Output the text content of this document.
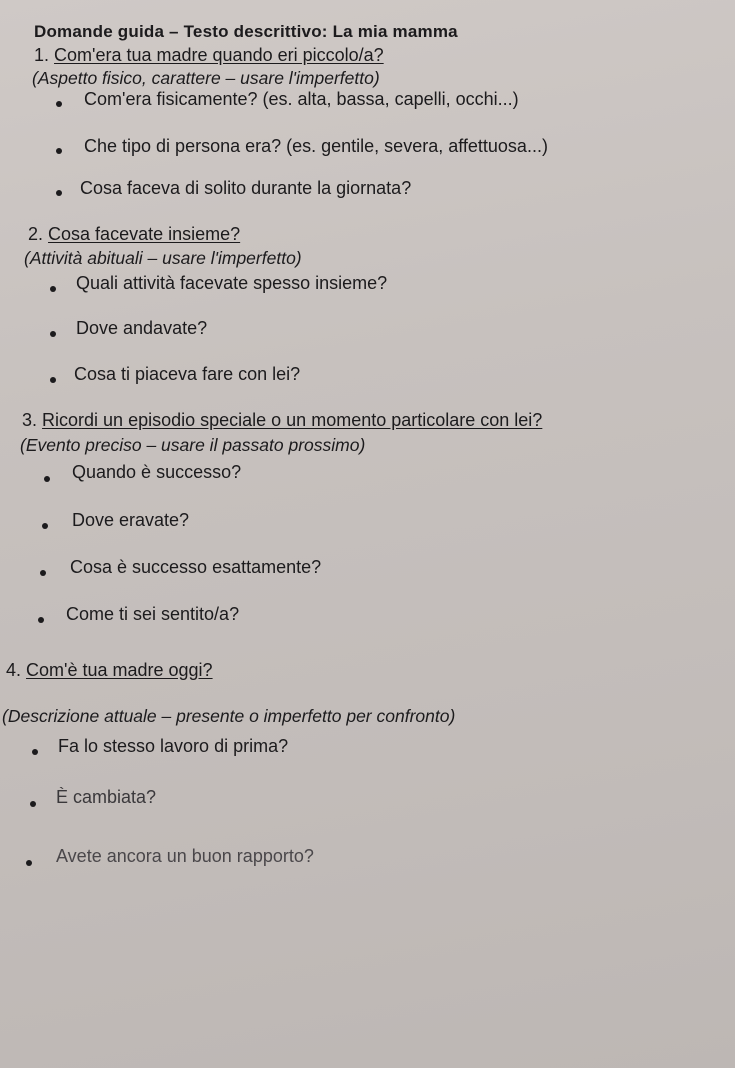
Domande guida – Testo descrittivo: La mia mamma
1. Com'era tua madre quando eri piccolo/a?
(Aspetto fisico, carattere – usare l'imperfetto)
Com'era fisicamente? (es. alta, bassa, capelli, occhi...)
Che tipo di persona era? (es. gentile, severa, affettuosa...)
Cosa faceva di solito durante la giornata?
2. Cosa facevate insieme?
(Attività abituali – usare l'imperfetto)
Quali attività facevate spesso insieme?
Dove andavate?
Cosa ti piaceva fare con lei?
3. Ricordi un episodio speciale o un momento particolare con lei?
(Evento preciso – usare il passato prossimo)
Quando è successo?
Dove eravate?
Cosa è successo esattamente?
Come ti sei sentito/a?
4. Com'è tua madre oggi?
(Descrizione attuale – presente o imperfetto per confronto)
Fa lo stesso lavoro di prima?
È cambiata?
Avete ancora un buon rapporto?
